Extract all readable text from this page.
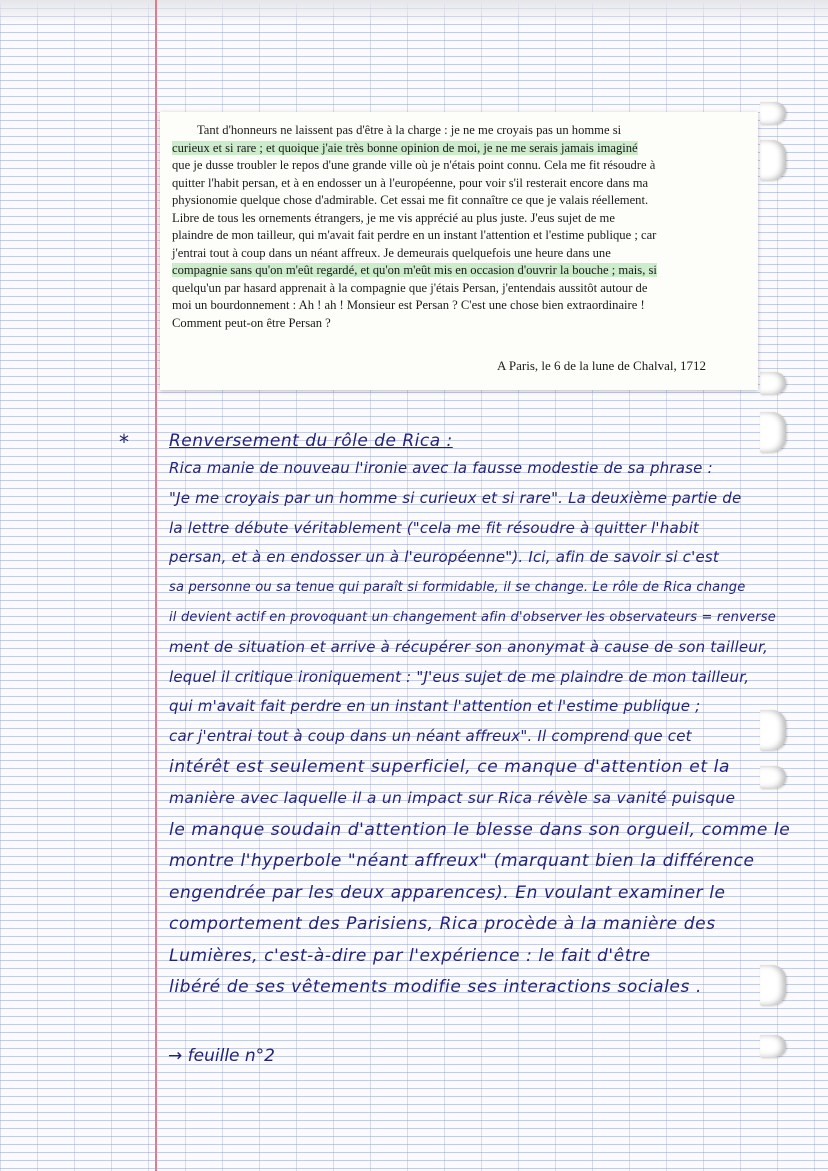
Tant d'honneurs ne laissent pas d'être à la charge : je ne me croyais pas un homme si
curieux et si rare ; et quoique j'aie très bonne opinion de moi, je ne me serais jamais imaginé
que je dusse troubler le repos d'une grande ville où je n'étais point connu. Cela me fit résoudre à
quitter l'habit persan, et à en endosser un à l'européenne, pour voir s'il resterait encore dans ma
physionomie quelque chose d'admirable. Cet essai me fit connaître ce que je valais réellement.
Libre de tous les ornements étrangers, je me vis apprécié au plus juste. J'eus sujet de me
plaindre de mon tailleur, qui m'avait fait perdre en un instant l'attention et l'estime publique ; car
j'entrai tout à coup dans un néant affreux. Je demeurais quelquefois une heure dans une
compagnie sans qu'on m'eût regardé, et qu'on m'eût mis en occasion d'ouvrir la bouche ; mais, si
quelqu'un par hasard apprenait à la compagnie que j'étais Persan, j'entendais aussitôt autour de
moi un bourdonnement : Ah ! ah ! Monsieur est Persan ? C'est une chose bien extraordinaire !
Comment peut-on être Persan ?

A Paris, le 6 de la lune de Chalval, 1712
* Renversement du rôle de Rica :

Rica manie de nouveau l'ironie avec la fausse modestie de sa phrase :

"Je me croyais par un homme si curieux et si rare". La deuxième partie de

la lettre débute véritablement ("cela me fit résoudre à quitter l'habit

persan, et à en endosser un à l'européenne"). Ici, afin de savoir si c'est

sa personne ou sa tenue qui paraît si formidable, il se change. Le rôle de Rica change

il devient actif en provoquant un changement afin d'observer les observateurs = renverse

ment de situation et arrive à récupérer son anonymat à cause de son tailleur,

lequel il critique ironiquement : "J'eus sujet de me plaindre de mon tailleur,

qui m'avait fait perdre en un instant l'attention et l'estime publique ;

car j'entrai tout à coup dans un néant affreux". Il comprend que cet

intérêt est seulement superficiel, ce manque d'attention et la

manière avec laquelle il a un impact sur Rica révèle sa vanité puisque

le manque soudain d'attention le blesse dans son orgueil, comme le

montre l'hyperbole "néant affreux" (marquant bien la différence

engendrée par les deux apparences). En voulant examiner le

comportement des Parisiens, Rica procède à la manière des

Lumières, c'est-à-dire par l'expérience : le fait d'être

libéré de ses vêtements modifie ses interactions sociales .

→ feuille n°2
